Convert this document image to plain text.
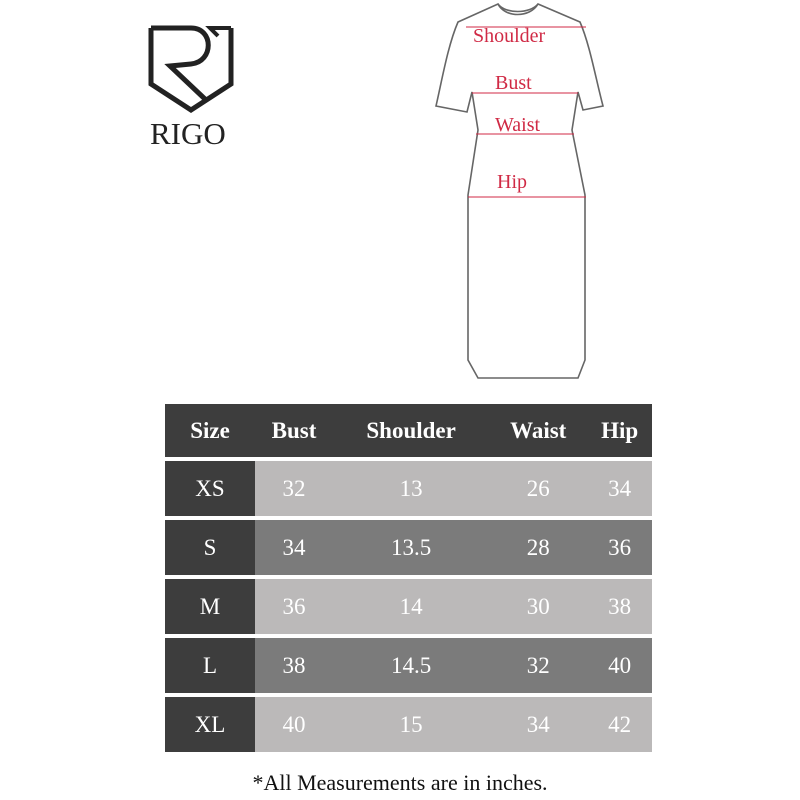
RIGO
Shoulder
Bust
Waist
Hip
Size	Bust	Shoulder	Waist	Hip
XS	32	13	26	34
S	34	13.5	28	36
M	36	14	30	38
L	38	14.5	32	40
XL	40	15	34	42
*All Measurements are in inches.
